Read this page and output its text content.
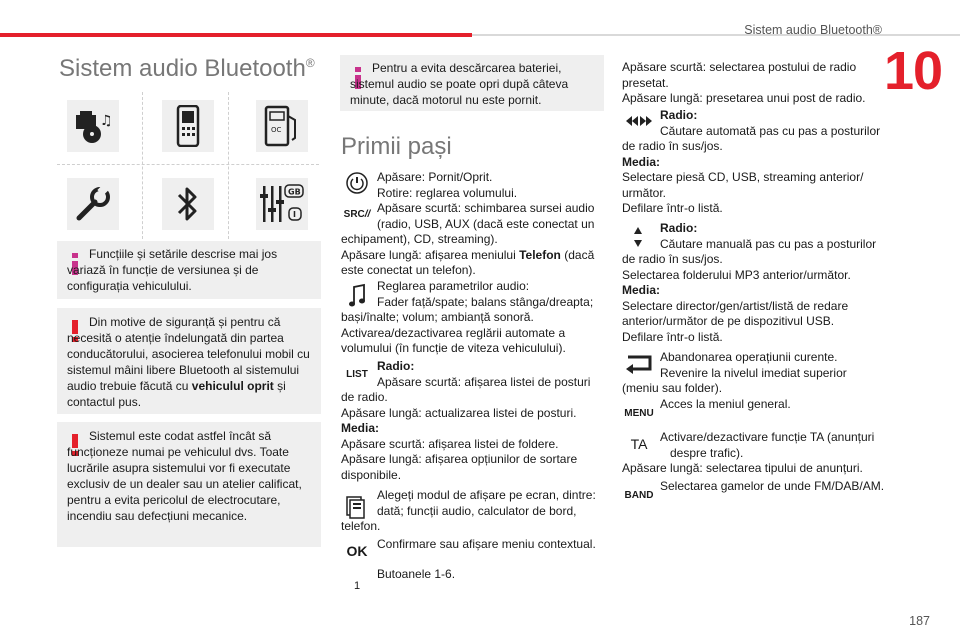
Sistem audio Bluetooth®
10
Sistem audio Bluetooth®
♫
OC
GB
I

Funcțiile și setările descrise mai jos variază în funcție de versiunea și de configurația vehiculului.

Din motive de siguranță și pentru că necesită o atenție îndelungată din partea conducătorului, asocierea telefonului mobil cu sistemul mâini libere Bluetooth al sistemului audio trebuie făcută cu vehiculul oprit și contactul pus.

Sistemul este codat astfel încât să funcționeze numai pe vehiculul dvs. Toate lucrările asupra sistemului vor fi executate exclusiv de un dealer sau un atelier calificat, pentru a evita pericolul de electrocutare, incendiu sau defecțiuni mecanice.

Pentru a evita descărcarea bateriei, sistemul audio se poate opri după câteva minute, dacă motorul nu este pornit.

Primii pași
SRC //
LIST
OK
1

Apăsare: Pornit/Oprit.

Rotire: reglarea volumului.

Apăsare scurtă: schimbarea sursei audio

(radio, USB, AUX (dacă este conectat un

echipament), CD, streaming).

Apăsare lungă: afișarea meniului Telefon (dacă

este conectat un telefon).

Reglarea parametrilor audio:

Fader față/spate; balans stânga/dreapta;

bași/înalte; volum; ambianță sonoră.

Activarea/dezactivarea reglării automate a

volumului (în funcție de viteza vehiculului).

Radio:

Apăsare scurtă: afișarea listei de posturi

de radio.

Apăsare lungă: actualizarea listei de posturi.

Media:

Apăsare scurtă: afișarea listei de foldere.

Apăsare lungă: afișarea opțiunilor de sortare

disponibile.

Alegeți modul de afișare pe ecran, dintre:

dată; funcții audio, calculator de bord,

telefon.

Confirmare sau afișare meniu contextual.
Butoanele 1-6.

Apăsare scurtă: selectarea postului de radio

presetat.

Apăsare lungă: presetarea unui post de radio.

Radio:

Căutare automată pas cu pas a posturilor

de radio în sus/jos.

Media:

Selectare piesă CD, USB, streaming anterior/

următor.

Defilare într-o listă.

Radio:

Căutare manuală pas cu pas a posturilor

de radio în sus/jos.

Selectarea folderului MP3 anterior/următor.

Media:

Selectare director/gen/artist/listă de redare

anterior/următor de pe dispozitivul USB.

Defilare într-o listă.

Abandonarea operațiunii curente.

Revenire la nivelul imediat superior

(meniu sau folder).

MENU
Acces la meniul general.
TA Activare/dezactivare funcție TA (anunțuri

despre trafic).

Apăsare lungă: selectarea tipului de anunțuri.

BAND
Selectarea gamelor de unde FM/DAB/AM.
187
